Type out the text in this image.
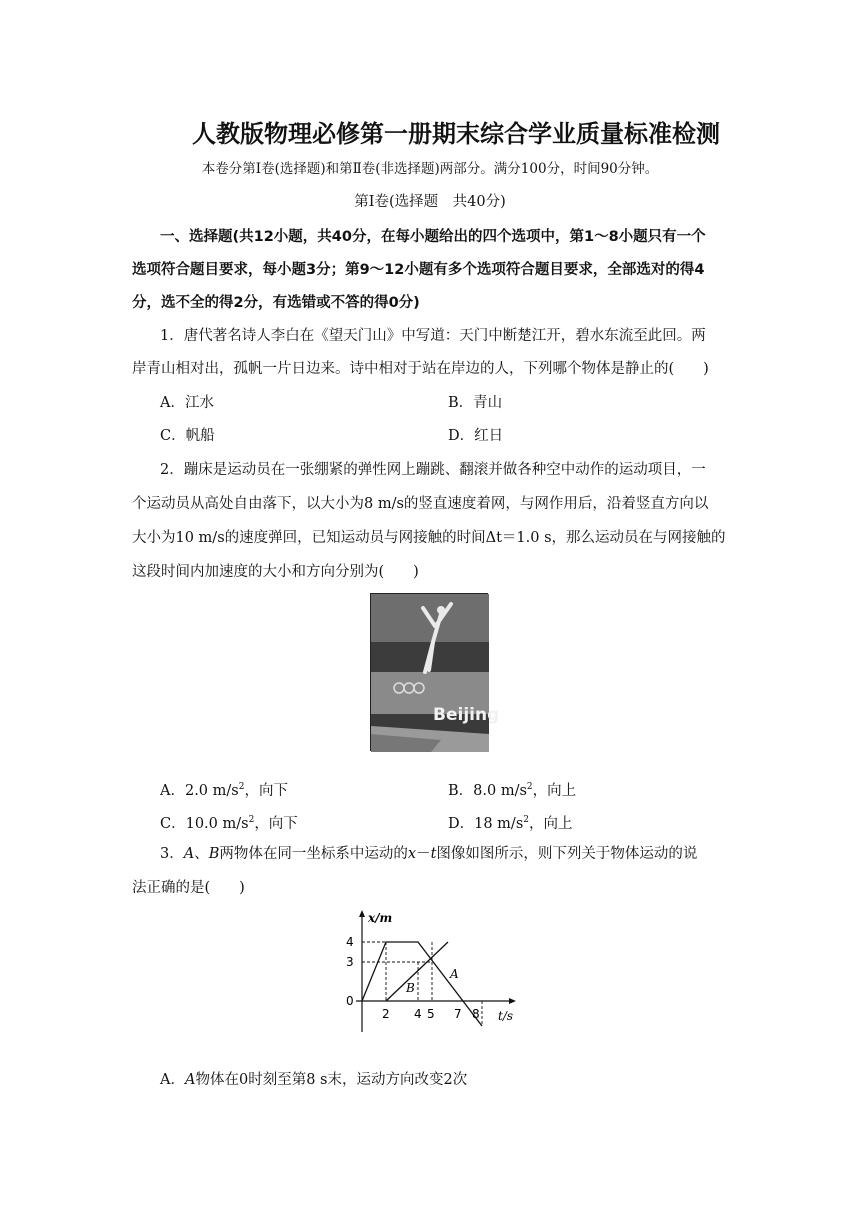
人教版物理必修第一册期末综合学业质量标准检测
本卷分第Ⅰ卷(选择题)和第Ⅱ卷(非选择题)两部分。满分100分，时间90分钟。
第Ⅰ卷(选择题　共40分)
一、选择题(共12小题，共40分，在每小题给出的四个选项中，第1～8小题只有一个
选项符合题目要求，每小题3分；第9～12小题有多个选项符合题目要求，全部选对的得4
分，选不全的得2分，有选错或不答的得0分)
1．唐代著名诗人李白在《望天门山》中写道：天门中断楚江开，碧水东流至此回。两
岸青山相对出，孤帆一片日边来。诗中相对于站在岸边的人，下列哪个物体是静止的(　　)
A．江水	B．青山
C．帆船	D．红日
2．蹦床是运动员在一张绷紧的弹性网上蹦跳、翻滚并做各种空中动作的运动项目，一
个运动员从高处自由落下，以大小为8 m/s的竖直速度着网，与网作用后，沿着竖直方向以
大小为10 m/s的速度弹回，已知运动员与网接触的时间Δt＝1.0 s，那么运动员在与网接触的
这段时间内加速度的大小和方向分别为(　　)
Beijing
A．2.0 $m/s^2$，向下	B．8.0 $m/s^2$，向上
C．10.0 $m/s^2$，向下	D．18 $m/s^2$，向上
3．A、B两物体在同一坐标系中运动的x－t图像如图所示，则下列关于物体运动的说
法正确的是(　　)
x/m
4
3
0
2 4 5 7 8 t/s
A
B
A．A物体在0时刻至第8 s末，运动方向改变2次
